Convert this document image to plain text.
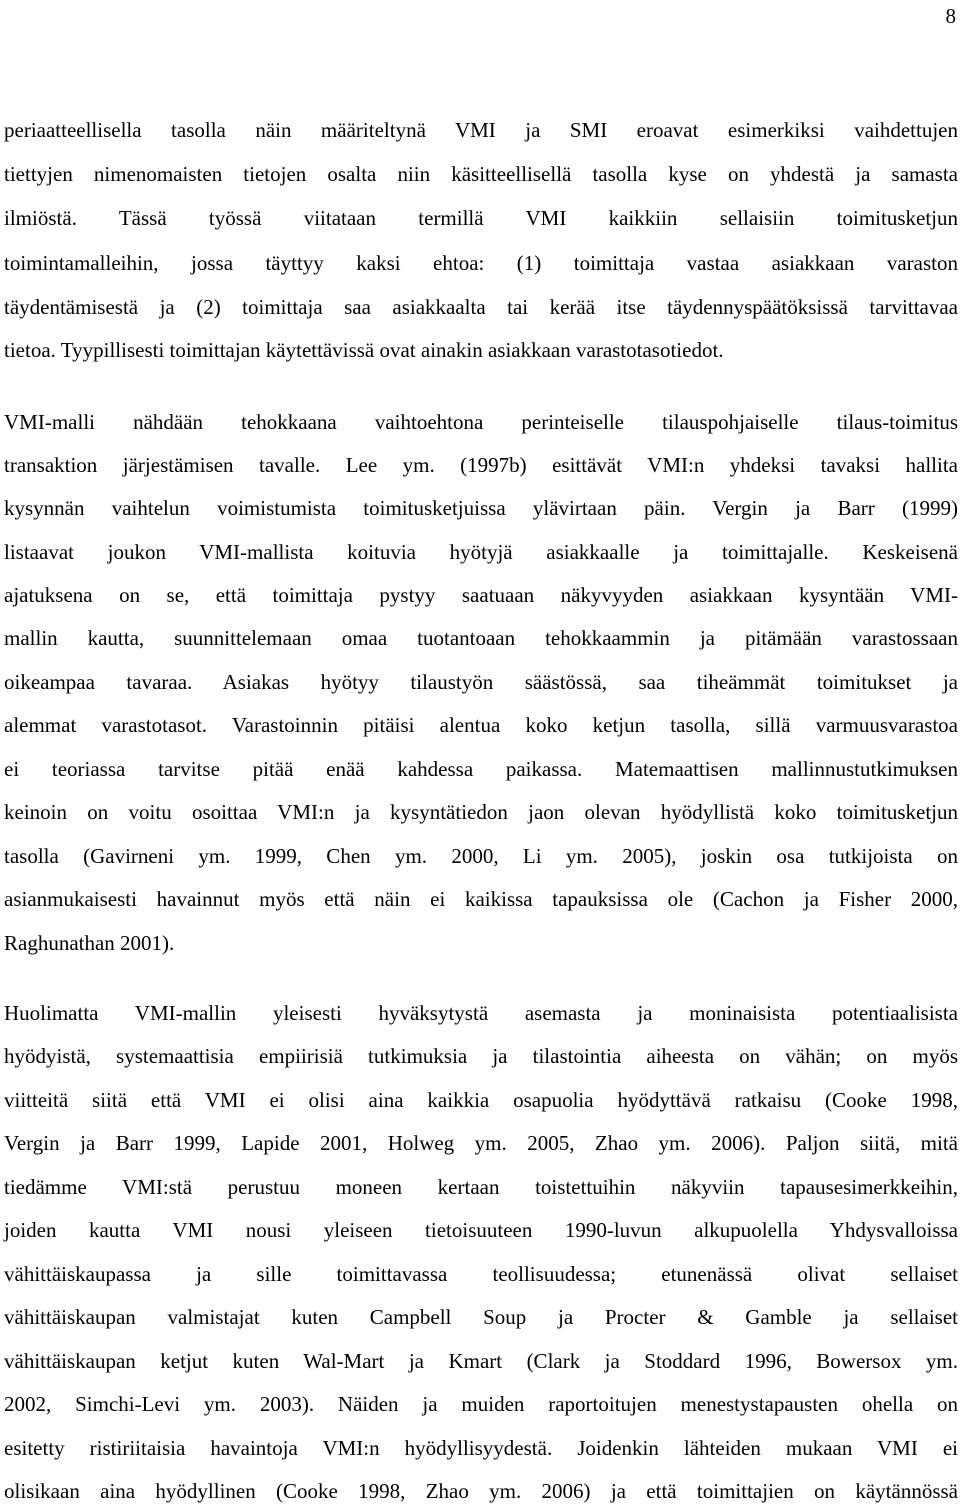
8
periaatteellisella tasolla näin määriteltynä VMI ja SMI eroavat esimerkiksi vaihdettujen
tiettyjen nimenomaisten tietojen osalta niin käsitteellisellä tasolla kyse on yhdestä ja samasta
ilmiöstä. Tässä työssä viitataan termillä VMI kaikkiin sellaisiin toimitusketjun
toimintamalleihin, jossa täyttyy kaksi ehtoa: (1) toimittaja vastaa asiakkaan varaston
täydentämisestä ja (2) toimittaja saa asiakkaalta tai kerää itse täydennyspäätöksissä tarvittavaa
tietoa. Tyypillisesti toimittajan käytettävissä ovat ainakin asiakkaan varastotasotiedot.
VMI-malli nähdään tehokkaana vaihtoehtona perinteiselle tilauspohjaiselle tilaus-toimitus
transaktion järjestämisen tavalle. Lee ym. (1997b) esittävät VMI:n yhdeksi tavaksi hallita
kysynnän vaihtelun voimistumista toimitusketjuissa ylävirtaan päin. Vergin ja Barr (1999)
listaavat joukon VMI-mallista koituvia hyötyjä asiakkaalle ja toimittajalle. Keskeisenä
ajatuksena on se, että toimittaja pystyy saatuaan näkyvyyden asiakkaan kysyntään VMI-
mallin kautta, suunnittelemaan omaa tuotantoaan tehokkaammin ja pitämään varastossaan
oikeampaa tavaraa. Asiakas hyötyy tilaustyön säästössä, saa tiheämmät toimitukset ja
alemmat varastotasot. Varastoinnin pitäisi alentua koko ketjun tasolla, sillä varmuusvarastoa
ei teoriassa tarvitse pitää enää kahdessa paikassa. Matemaattisen mallinnustutkimuksen
keinoin on voitu osoittaa VMI:n ja kysyntätiedon jaon olevan hyödyllistä koko toimitusketjun
tasolla (Gavirneni ym. 1999, Chen ym. 2000, Li ym. 2005), joskin osa tutkijoista on
asianmukaisesti havainnut myös että näin ei kaikissa tapauksissa ole (Cachon ja Fisher 2000,
Raghunathan 2001).
Huolimatta VMI-mallin yleisesti hyväksytystä asemasta ja moninaisista potentiaalisista
hyödyistä, systemaattisia empiirisiä tutkimuksia ja tilastointia aiheesta on vähän; on myös
viitteitä siitä että VMI ei olisi aina kaikkia osapuolia hyödyttävä ratkaisu (Cooke 1998,
Vergin ja Barr 1999, Lapide 2001, Holweg ym. 2005, Zhao ym. 2006). Paljon siitä, mitä
tiedämme VMI:stä perustuu moneen kertaan toistettuihin näkyviin tapausesimerkkeihin,
joiden kautta VMI nousi yleiseen tietoisuuteen 1990-luvun alkupuolella Yhdysvalloissa
vähittäiskaupassa ja sille toimittavassa teollisuudessa; etunenässä olivat sellaiset
vähittäiskaupan valmistajat kuten Campbell Soup ja Procter & Gamble ja sellaiset
vähittäiskaupan ketjut kuten Wal-Mart ja Kmart (Clark ja Stoddard 1996, Bowersox ym.
2002, Simchi-Levi ym. 2003). Näiden ja muiden raportoitujen menestystapausten ohella on
esitetty ristiriitaisia havaintoja VMI:n hyödyllisyydestä. Joidenkin lähteiden mukaan VMI ei
olisikaan aina hyödyllinen (Cooke 1998, Zhao ym. 2006) ja että toimittajien on käytännössä
